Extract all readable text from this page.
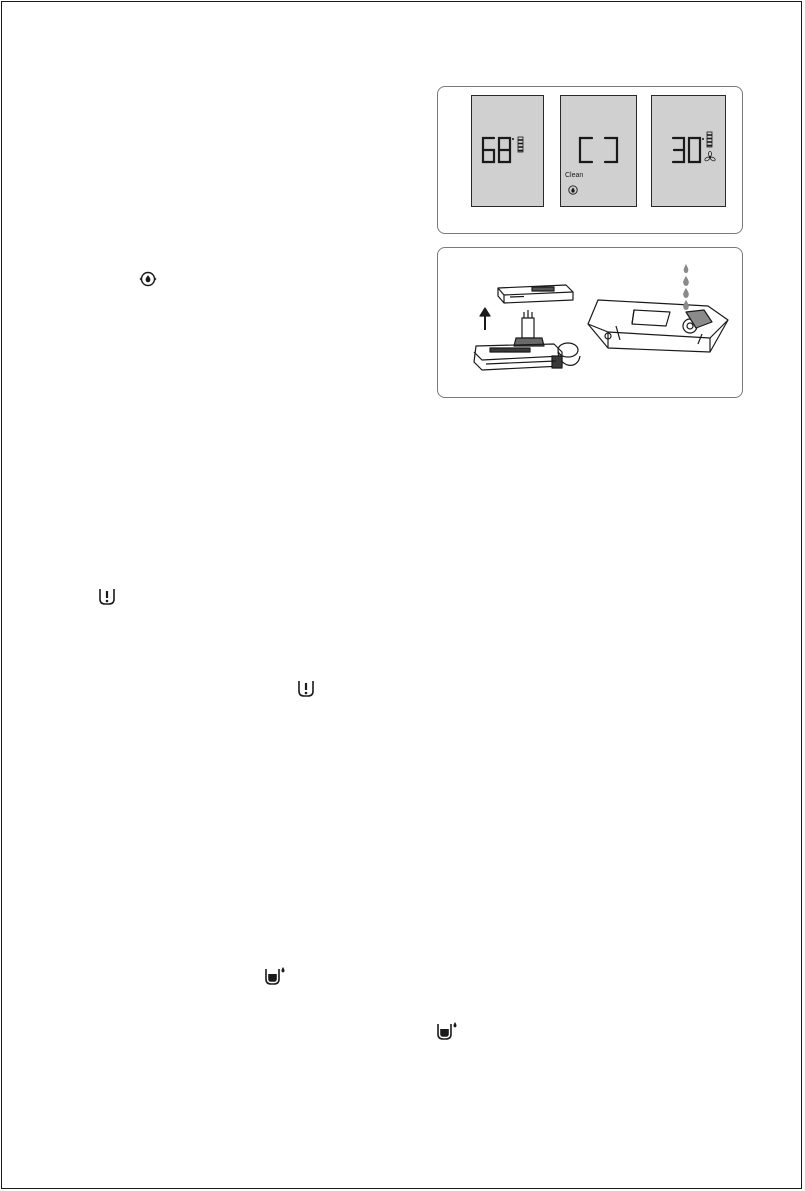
Clean
